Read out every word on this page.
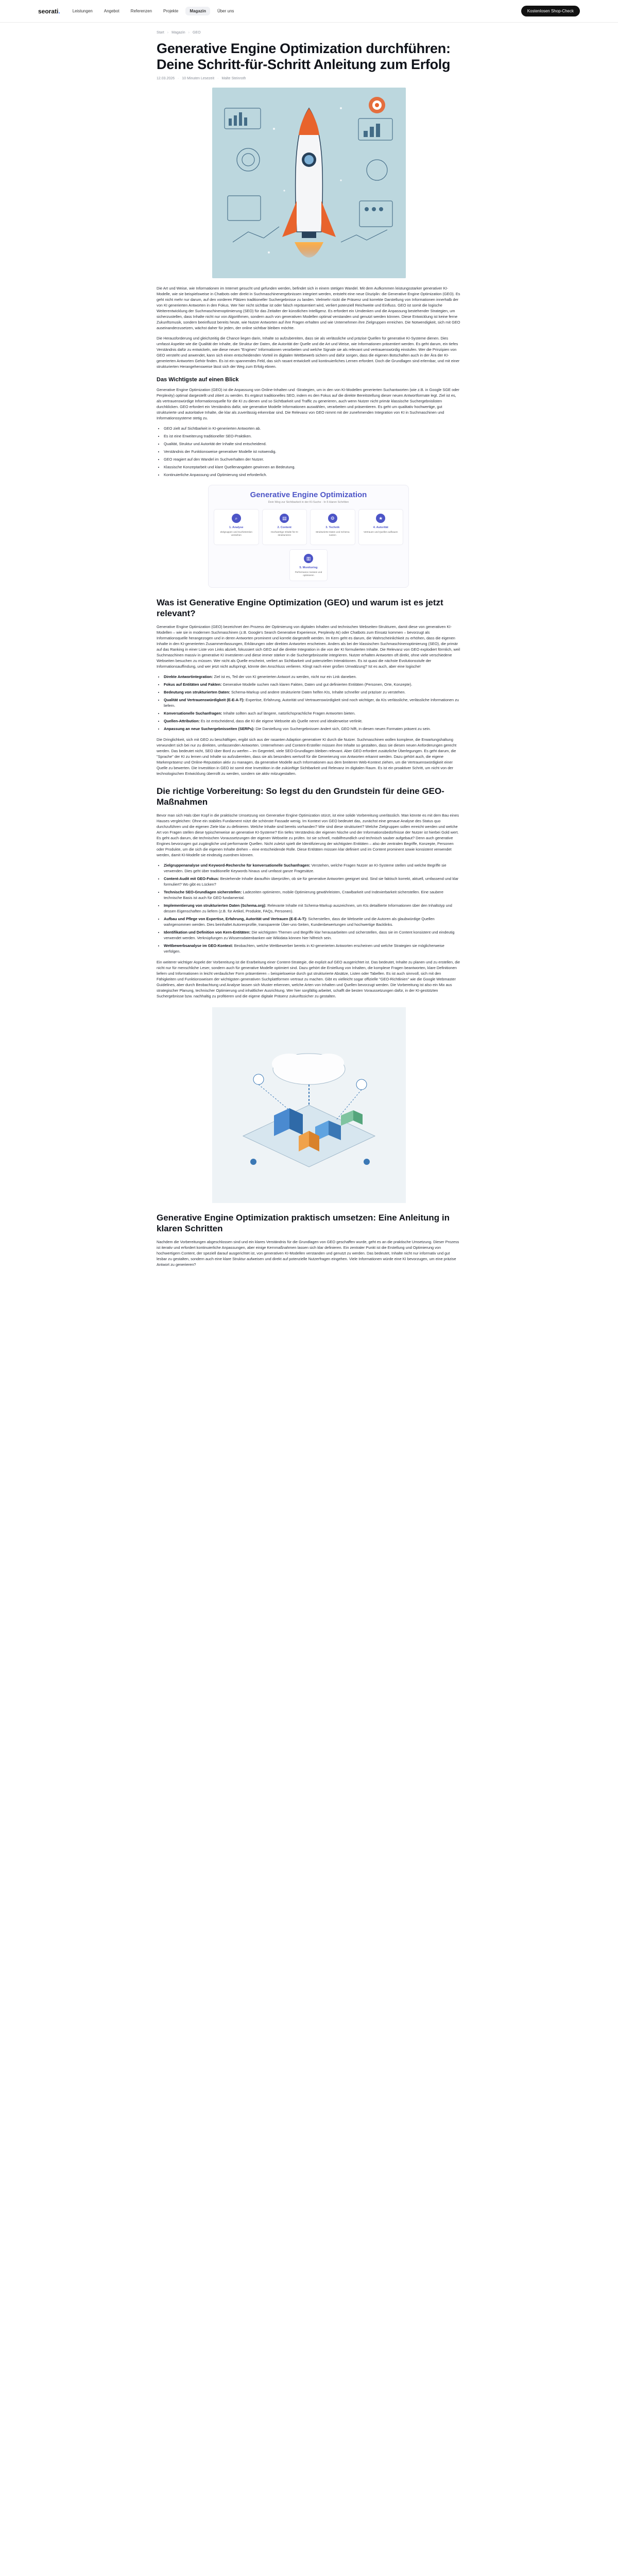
seorati.	Leistungen	Angebot	Referenzen	Projekte	Magazin	Über uns	Kostenlosen Shop-Check
Start › Magazin › GEO
Generative Engine Optimization durchführen: Deine Schritt-für-Schritt Anleitung zum Erfolg
12.03.2026 · 10 Minuten Lesezeit · Malte Steinroth

Die Art und Weise, wie Informationen im Internet gesucht und gefunden werden, befindet sich in einem stetigen Wandel. Mit dem Aufkommen leistungsstarker generativer KI-Modelle, wie sie beispielsweise in Chatbots oder direkt in Suchmaschinenergebnissen integriert werden, entsteht eine neue Disziplin: die Generative Engine Optimization (GEO). Es geht nicht mehr nur darum, auf den vorderen Plätzen traditioneller Suchergebnisse zu landen. Vielmehr rückt die Präsenz und korrekte Darstellung von Informationen innerhalb der von KI generierten Antworten in den Fokus. Wer hier nicht sichtbar ist oder falsch repräsentiert wird, verliert potenziell Reichweite und Einfluss. GEO ist somit die logische Weiterentwicklung der Suchmaschinenoptimierung (SEO) für das Zeitalter der künstlichen Intelligenz. Es erfordert ein Umdenken und die Anpassung bestehender Strategien, um sicherzustellen, dass Inhalte nicht nur von Algorithmen, sondern auch von generativen Modellen optimal verstanden und genutzt werden können. Diese Entwicklung ist keine ferne Zukunftsmusik, sondern beeinflusst bereits heute, wie Nutzer Antworten auf ihre Fragen erhalten und wie Unternehmen ihre Zielgruppen erreichen. Die Notwendigkeit, sich mit GEO auseinanderzusetzen, wächst daher für jeden, der online sichtbar bleiben möchte.

Die Herausforderung und gleichzeitig die Chance liegen darin, Inhalte so aufzubereiten, dass sie als verlässliche und präzise Quellen für generative KI-Systeme dienen. Dies umfasst Aspekte wie die Qualität der Inhalte, die Struktur der Daten, die Autorität der Quelle und die Art und Weise, wie Informationen präsentiert werden. Es geht darum, ein tiefes Verständnis dafür zu entwickeln, wie diese neuen "Engines" Informationen verarbeiten und welche Signale sie als relevant und vertrauenswürdig einstufen. Wer die Prinzipien von GEO versteht und anwendet, kann sich einen entscheidenden Vorteil im digitalen Wettbewerb sichern und dafür sorgen, dass die eigenen Botschaften auch in der Ära der KI-generierten Antworten Gehör finden. Es ist ein spannendes Feld, das sich rasant entwickelt und kontinuierliches Lernen erfordert. Doch die Grundlagen sind erlernbar, und mit einer strukturierten Herangehensweise lässt sich der Weg zum Erfolg ebnen.

Das Wichtigste auf einen Blick

Generative Engine Optimization (GEO) ist die Anpassung von Online-Inhalten und -Strategien, um in den von KI-Modellen generierten Suchantworten (wie z.B. in Google SGE oder Perplexity) optimal dargestellt und zitiert zu werden. Es ergänzt traditionelles SEO, indem es den Fokus auf die direkte Bereitstellung dieser neuen Antwortformate legt. Ziel ist es, als vertrauenswürdige Informationsquelle für die KI zu dienen und so Sichtbarkeit und Traffic zu generieren, auch wenn Nutzer nicht primär klassische Suchergebnislisten durchklicken. GEO erfordert ein Verständnis dafür, wie generative Modelle Informationen auswählen, verarbeiten und präsentieren. Es geht um qualitativ hochwertige, gut strukturierte und autoritative Inhalte, die klar als zuverlässig erkennbar sind. Die Relevanz von GEO nimmt mit der zunehmenden Integration von KI in Suchmaschinen und Informationssysteme stetig zu.

• GEO zielt auf Sichtbarkeit in KI-generierten Antworten ab.
• Es ist eine Erweiterung traditioneller SEO-Praktiken.
• Qualität, Struktur und Autorität der Inhalte sind entscheidend.
• Verständnis der Funktionsweise generativer Modelle ist notwendig.
• GEO reagiert auf den Wandel im Suchverhalten der Nutzer.
• Klassische Konzeptarbeit und klare Quellenangaben gewinnen an Bedeutung.
• Kontinuierliche Anpassung und Optimierung sind erforderlich.
Generative Engine Optimization
Dein Weg zur Sichtbarkeit in der KI-Suche · In 5 klaren Schritten
⌕
1. Analyse
Zielgruppen und Suchintention verstehen
▤
2. Content
Hochwertige Inhalte für KI strukturieren
⚙
3. Technik
Strukturierte Daten und Schema nutzen
★
4. Autorität
Vertrauen und Quellen aufbauen
▥
5. Monitoring
Performance messen und optimieren
Was ist Generative Engine Optimization (GEO) und warum ist es jetzt relevant?

Generative Engine Optimization (GEO) bezeichnet den Prozess der Optimierung von digitalen Inhalten und technischen Webseiten-Strukturen, damit diese von generativen KI-Modellen – wie sie in modernen Suchmaschinen (z.B. Google's Search Generative Experience, Perplexity AI) oder Chatbots zum Einsatz kommen – bevorzugt als Informationsquelle herangezogen und in deren Antworten prominent und korrekt dargestellt werden. Im Kern geht es darum, die Wahrscheinlichkeit zu erhöhen, dass die eigenen Inhalte in den KI-generierten Zusammenfassungen, Erklärungen oder direkten Antworten erscheinen. Anders als bei der klassischen Suchmaschinenoptimierung (SEO), die primär auf das Ranking in einer Liste von Links abzielt, fokussiert sich GEO auf die direkte Integration in die von der KI formulierten Inhalte. Die Relevanz von GEO explodiert förmlich, weil Suchmaschinen massiv in generative KI investieren und diese immer stärker in die Suchergebnisseite integrieren. Nutzer erhalten Antworten oft direkt, ohne viele verschiedene Webseiten besuchen zu müssen. Wer nicht als Quelle erscheint, verliert an Sichtbarkeit und potenziellen Interaktionen. Es ist quasi die nächste Evolutionsstufe der Informationsauffindung, und wer jetzt nicht aufspringt, könnte den Anschluss verlieren. Klingt nach einer großen Umwälzung? Ist es auch, aber eine logische!

• Direkte Antwortintegration: Ziel ist es, Teil der von KI generierten Antwort zu werden, nicht nur ein Link daneben.
• Fokus auf Entitäten und Fakten: Generative Modelle suchen nach klaren Fakten, Daten und gut definierten Entitäten (Personen, Orte, Konzepte).
• Bedeutung von strukturierten Daten: Schema-Markup und andere strukturierte Daten helfen KIs, Inhalte schneller und präziser zu verstehen.
• Qualität und Vertrauenswürdigkeit (E-E-A-T): Expertise, Erfahrung, Autorität und Vertrauenswürdigkeit sind noch wichtiger, da KIs verlässliche, verlässliche Informationen zu liefern.
• Konversationelle Suchanfragen: Inhalte sollten auch auf längere, natürlichsprachliche Fragen Antworten bieten.
• Quellen-Attribution: Es ist entscheidend, dass die KI die eigene Webseite als Quelle nennt und idealerweise verlinkt.
• Anpassung an neue Suchergebnisseiten (SERPs): Die Darstellung von Suchergebnissen ändert sich, GEO hilft, in diesen neuen Formaten präsent zu sein.

Die Dringlichkeit, sich mit GEO zu beschäftigen, ergibt sich aus der rasanten Adaption generativer KI durch die Nutzer. Suchmaschinen wollen komplexe, die Erwartungshaltung verwundert sich bei nur zu direkten, umfassenden Antworten. Unternehmen und Content-Ersteller müssen ihre Inhalte so gestalten, dass sie diesen neuen Anforderungen gerecht werden. Das bedeutet nicht, SEO über Bord zu werfen – im Gegenteil, viele SEO-Grundlagen bleiben relevant. Aber GEO erfordert zusätzliche Überlegungen. Es geht darum, die "Sprache" der KI zu lernen und Inhalte so aufzubereiten, dass sie als besonders wertvoll für die Generierung von Antworten erkannt werden. Dazu gehört auch, die eigene Markenpräsenz und Online-Reputation aktiv zu managen, da generative Modelle auch Informationen aus dem breiteren Web-Kontext ziehen, um die Vertrauenswürdigkeit einer Quelle zu bewerten. Die Investition in GEO ist somit eine Investition in die zukünftige Sichtbarkeit und Relevanz im digitalen Raum. Es ist ein proaktiver Schritt, um nicht von der technologischen Entwicklung überrollt zu werden, sondern sie aktiv mitzugestalten.

Die richtige Vorbereitung: So legst du den Grundstein für deine GEO-Maßnahmen

Bevor man sich Hals über Kopf in die praktische Umsetzung von Generative Engine Optimization stürzt, ist eine solide Vorbereitung unerlässlich. Man könnte es mit dem Bau eines Hauses vergleichen: Ohne ein stabiles Fundament nützt die schönste Fassade wenig. Im Kontext von GEO bedeutet das, zunächst eine genaue Analyse des Status quo durchzuführen und die eigenen Ziele klar zu definieren. Welche Inhalte sind bereits vorhanden? Wie sind diese strukturiert? Welche Zielgruppen sollen erreicht werden und welche Art von Fragen stellen diese typischerweise an generative KI-Systeme? Ein tiefes Verständnis der eigenen Nische und der Informationsbedürfnisse der Nutzer ist hierbei Gold wert. Es geht auch darum, die technischen Voraussetzungen der eigenen Webseite zu prüfen. Ist sie schnell, mobilfreundlich und technisch sauber aufgebaut? Denn auch generative Engines bevorzugen gut zugängliche und performante Quellen. Nicht zuletzt spielt die Identifizierung der wichtigsten Entitäten – also der zentralen Begriffe, Konzepte, Personen oder Produkte, um die sich die eigenen Inhalte drehen – eine entscheidende Rolle. Diese Entitäten müssen klar definiert und im Content prominent sowie konsistent verwendet werden, damit KI-Modelle sie eindeutig zuordnen können.

• Zielgruppenanalyse und Keyword-Recherche für konversationelle Suchanfragen: Verstehen, welche Fragen Nutzer an KI-Systeme stellen und welche Begriffe sie verwenden. Dies geht über traditionelle Keywords hinaus und umfasst ganze Fragesätze.
• Content-Audit mit GEO-Fokus: Bestehende Inhalte daraufhin überprüfen, ob sie für generative Antworten geeignet sind. Sind sie faktisch korrekt, aktuell, umfassend und klar formuliert? Wo gibt es Lücken?
• Technische SEO-Grundlagen sicherstellen: Ladezeiten optimieren, mobile Optimierung gewährleisten, Crawlbarkeit und Indexierbarkeit sicherstellen. Eine saubere technische Basis ist auch für GEO fundamental.
• Implementierung von strukturierten Daten (Schema.org): Relevante Inhalte mit Schema-Markup auszeichnen, um KIs detaillierte Informationen über den Inhaltstyp und dessen Eigenschaften zu liefern (z.B. für Artikel, Produkte, FAQs, Personen).
• Aufbau und Pflege von Expertise, Erfahrung, Autorität und Vertrauen (E-E-A-T): Sicherstellen, dass die Webseite und die Autoren als glaubwürdige Quellen wahrgenommen werden. Dies beinhaltet Autorenprofile, transparente Über-uns-Seiten, Kundenbewertungen und hochwertige Backlinks.
• Identifikation und Definition von Kern-Entitäten: Die wichtigsten Themen und Begriffe klar herausarbeiten und sicherstellen, dass sie im Content konsistent und eindeutig verwendet werden. Verknüpfungen zu Wissensdatenbanken wie Wikidata können hier hilfreich sein.
• Wettbewerbsanalyse im GEO-Kontext: Beobachten, welche Wettbewerber bereits in KI-generierten Antworten erscheinen und welche Strategien sie möglicherweise verfolgen.

Ein weiterer wichtiger Aspekt der Vorbereitung ist die Erarbeitung einer Content-Strategie, die explizit auf GEO ausgerichtet ist. Das bedeutet, Inhalte zu planen und zu erstellen, die nicht nur für menschliche Leser, sondern auch für generative Modelle optimiert sind. Dazu gehört die Erstellung von Inhalten, die komplexe Fragen beantworten, klare Definitionen liefern und Informationen in leicht verdaulicher Form präsentieren – beispielsweise durch gut strukturierte Absätze, Listen oder Tabellen. Es ist auch sinnvoll, sich mit den Fähigkeiten und Funktionsweisen der wichtigsten generativen Suchplattformen vertraut zu machen. Gibt es vielleicht sogar offizielle "GEO-Richtlinien" wie die Google Webmaster Guidelines, aber durch Beobachtung und Analyse lassen sich Muster erkennen, welche Arten von Inhalten und Quellen bevorzugt werden. Die Vorbereitung ist also ein Mix aus strategischer Planung, technischer Optimierung und inhaltlicher Ausrichtung. Wer hier sorgfältig arbeitet, schafft die besten Voraussetzungen dafür, in der KI-gestützten Suchergebnisse bzw. nachhaltig zu profitieren und die eigene digitale Präsenz zukunftssicher zu gestalten.

Generative Engine Optimization praktisch umsetzen: Eine Anleitung in klaren Schritten

Nachdem die Vorbereitungen abgeschlossen sind und ein klares Verständnis für die Grundlagen von GEO geschaffen wurde, geht es an die praktische Umsetzung. Dieser Prozess ist iterativ und erfordert kontinuierliche Anpassungen, aber einige Kernmaßnahmen lassen sich klar definieren. Ein zentraler Punkt ist die Erstellung und Optimierung von hochwertigem Content, der speziell darauf ausgerichtet ist, von generativen KI-Modellen verstanden und genutzt zu werden. Das bedeutet, Inhalte nicht nur informativ und gut lesbar zu gestalten, sondern auch eine klare Struktur aufweisen und direkt auf potenzielle Nutzerfragen eingehen. Viele Informationen würde eine KI bevorzugen, um eine präzise Antwort zu generieren?
